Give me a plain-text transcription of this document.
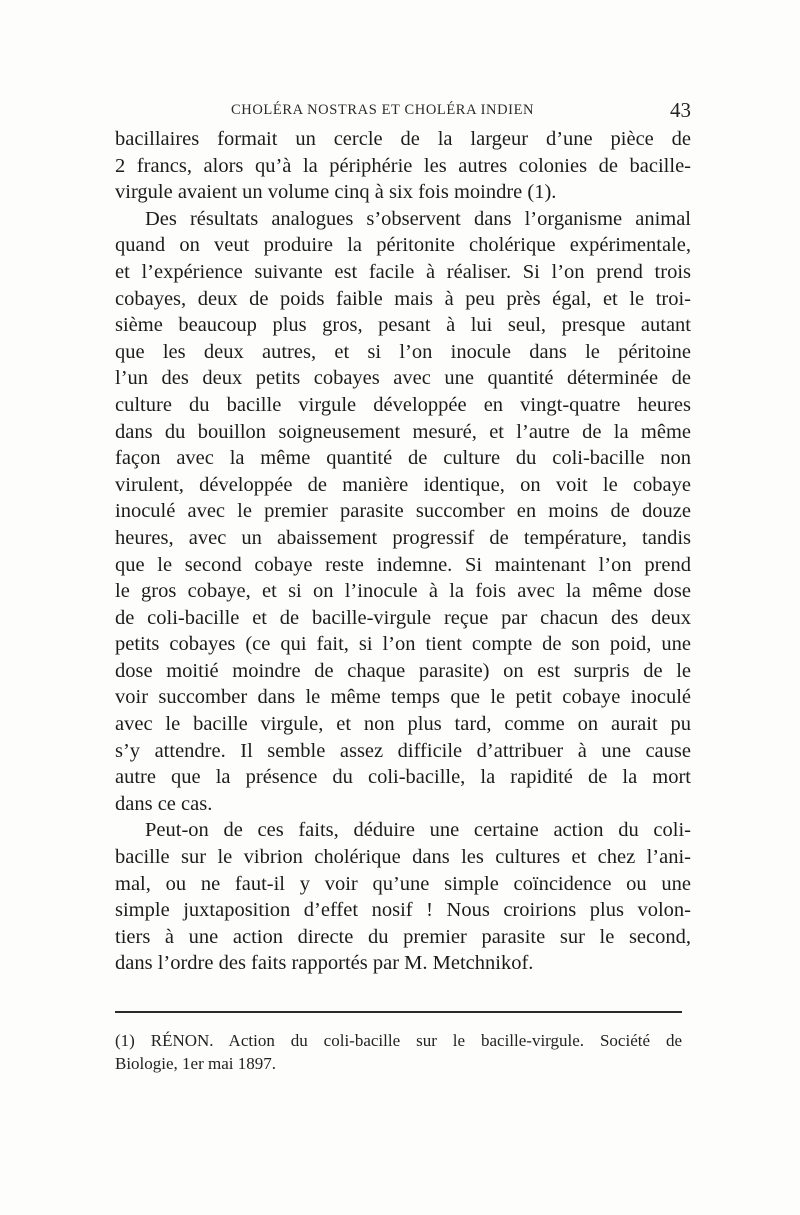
CHOLÉRA NOSTRAS ET CHOLÉRA INDIEN	43
bacillaires formait un cercle de la largeur d’une pièce de
2 francs, alors qu’à la périphérie les autres colonies de bacille-
virgule avaient un volume cinq à six fois moindre (1).
Des résultats analogues s’observent dans l’organisme animal
quand on veut produire la péritonite cholérique expérimentale,
et l’expérience suivante est facile à réaliser. Si l’on prend trois
cobayes, deux de poids faible mais à peu près égal, et le troi-
sième beaucoup plus gros, pesant à lui seul, presque autant
que les deux autres, et si l’on inocule dans le péritoine
l’un des deux petits cobayes avec une quantité déterminée de
culture du bacille virgule développée en vingt-quatre heures
dans du bouillon soigneusement mesuré, et l’autre de la même
façon avec la même quantité de culture du coli-bacille non
virulent, développée de manière identique, on voit le cobaye
inoculé avec le premier parasite succomber en moins de douze
heures, avec un abaissement progressif de température, tandis
que le second cobaye reste indemne. Si maintenant l’on prend
le gros cobaye, et si on l’inocule à la fois avec la même dose
de coli-bacille et de bacille-virgule reçue par chacun des deux
petits cobayes (ce qui fait, si l’on tient compte de son poid, une
dose moitié moindre de chaque parasite) on est surpris de le
voir succomber dans le même temps que le petit cobaye inoculé
avec le bacille virgule, et non plus tard, comme on aurait pu
s’y attendre. Il semble assez difficile d’attribuer à une cause
autre que la présence du coli-bacille, la rapidité de la mort
dans ce cas.
Peut-on de ces faits, déduire une certaine action du coli-
bacille sur le vibrion cholérique dans les cultures et chez l’ani-
mal, ou ne faut-il y voir qu’une simple coïncidence ou une
simple juxtaposition d’effet nosif ! Nous croirions plus volon-
tiers à une action directe du premier parasite sur le second,
dans l’ordre des faits rapportés par M. Metchnikof.
(1) RÉNON. Action du coli-bacille sur le bacille-virgule. Société de
Biologie, 1er mai 1897.
